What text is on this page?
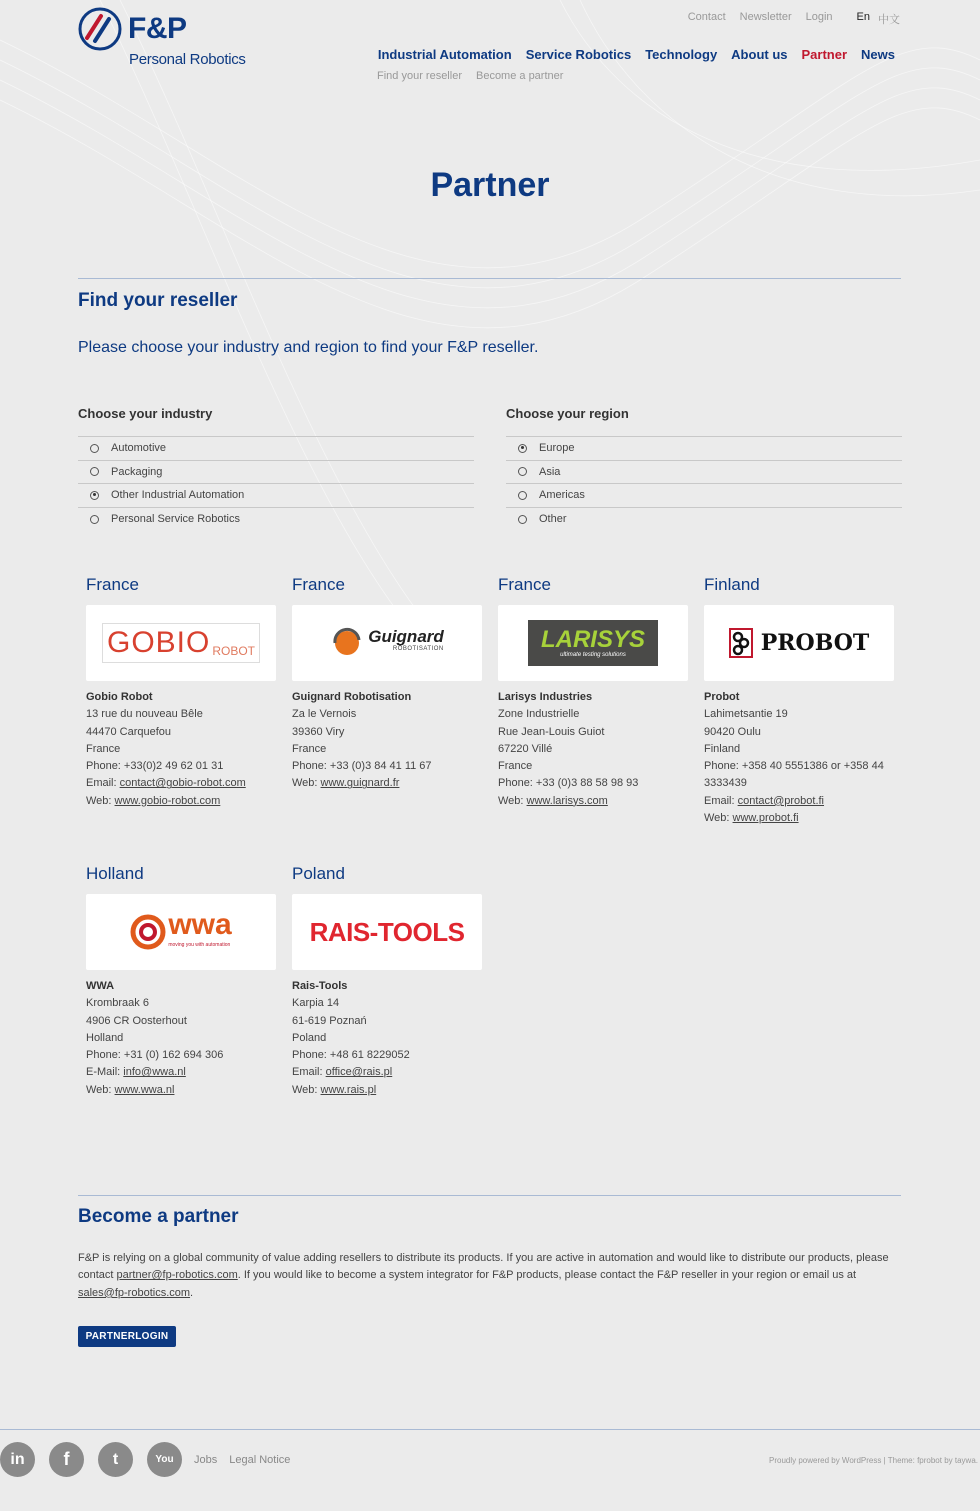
F&P
Personal Robotics
Contact Newsletter Login En 中文
Industrial Automation Service Robotics Technology About us Partner News
Find your reseller Become a partner
Partner
Find your reseller

Please choose your industry and region to find your F&P reseller.

Choose your industry
Automotive
Packaging
Other Industrial Automation
Personal Service Robotics
Choose your region
Europe
Asia
Americas
Other
France
GOBIO ROBOT
Gobio Robot
13 rue du nouveau Bêle
44470 Carquefou
France
Phone: +33(0)2 49 62 01 31
Email: contact@gobio-robot.com
Web: www.gobio-robot.com
France
Guignard
ROBOTISATION
Guignard Robotisation
Za le Vernois
39360 Viry
France
Phone: +33 (0)3 84 41 11 67
Web: www.guignard.fr
France
LARISYS
ultimate testing solutions
Larisys Industries
Zone Industrielle
Rue Jean-Louis Guiot
67220 Villé
France
Phone: +33 (0)3 88 58 98 93
Web: www.larisys.com
Finland
PROBOT
Probot
Lahimetsantie 19
90420 Oulu
Finland
Phone: +358 40 5551386 or +358 44 3333439
Email: contact@probot.fi
Web: www.probot.fi
Holland
wwa
moving you with automation
WWA
Krombraak 6
4906 CR Oosterhout
Holland
Phone: +31 (0) 162 694 306
E-Mail: info@wwa.nl
Web: www.wwa.nl
Poland
RAIS-TOOLS
Rais-Tools
Karpia 14
61-619 Poznań
Poland
Phone: +48 61 8229052
Email: office@rais.pl
Web: www.rais.pl
Become a partner

F&P is relying on a global community of value adding resellers to distribute its products. If you are active in automation and would like to distribute our products, please contact partner@fp-robotics.com. If you would like to become a system integrator for F&P products, please contact the F&P reseller in your region or email us at sales@fp-robotics.com.

PARTNERLOGIN
in f	t	You Jobs Legal Notice	Proudly powered by WordPress | Theme: fprobot by taywa.
